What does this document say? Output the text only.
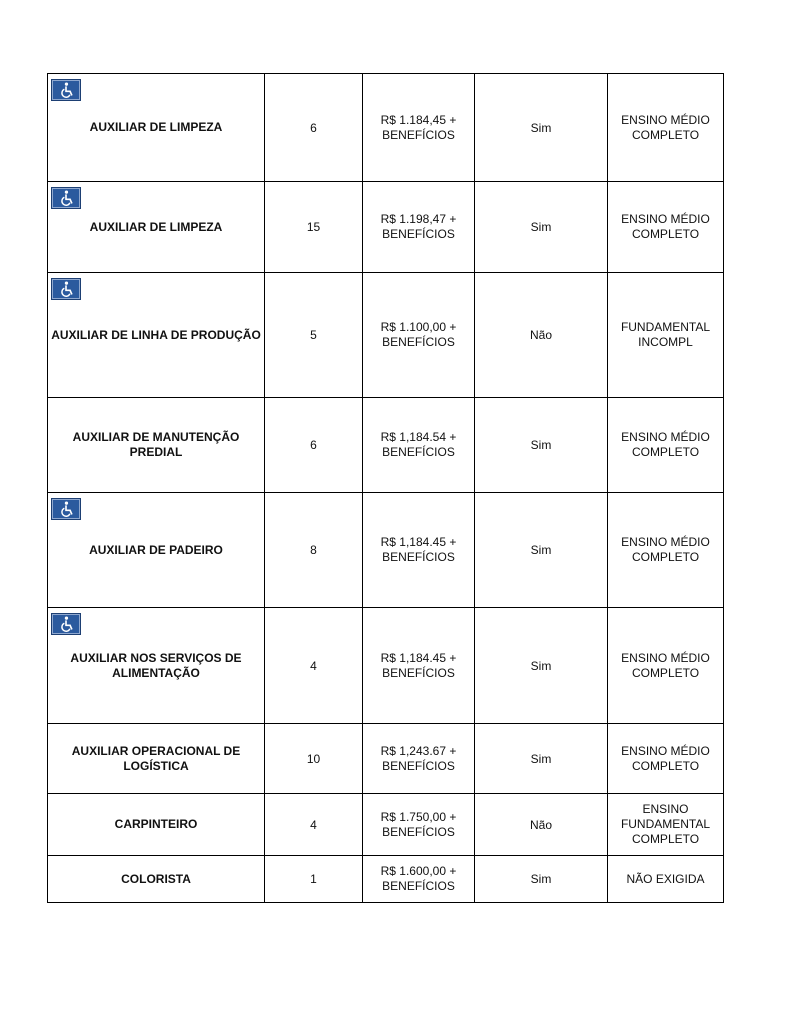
AUXILIAR DE LIMPEZA	6	R$ 1.184,45 +
BENEFÍCIOS	Sim	ENSINO MÉDIO
COMPLETO

AUXILIAR DE LIMPEZA	15	R$ 1.198,47 +
BENEFÍCIOS	Sim	ENSINO MÉDIO
COMPLETO

AUXILIAR DE LINHA DE PRODUÇÃO	5	R$ 1.100,00 +
BENEFÍCIOS	Não	FUNDAMENTAL
INCOMPL

AUXILIAR DE MANUTENÇÃO
PREDIAL	6	R$ 1,184.54 +
BENEFÍCIOS	Sim	ENSINO MÉDIO
COMPLETO

AUXILIAR DE PADEIRO	8	R$ 1,184.45 +
BENEFÍCIOS	Sim	ENSINO MÉDIO
COMPLETO

AUXILIAR NOS SERVIÇOS DE
ALIMENTAÇÃO	4	R$ 1,184.45 +
BENEFÍCIOS	Sim	ENSINO MÉDIO
COMPLETO

AUXILIAR OPERACIONAL DE
LOGÍSTICA	10	R$ 1,243.67 +
BENEFÍCIOS	Sim	ENSINO MÉDIO
COMPLETO

CARPINTEIRO	4	R$ 1.750,00 +
BENEFÍCIOS	Não	ENSINO
FUNDAMENTAL
COMPLETO

COLORISTA	1	R$ 1.600,00 +
BENEFÍCIOS	Sim	NÃO EXIGIDA
